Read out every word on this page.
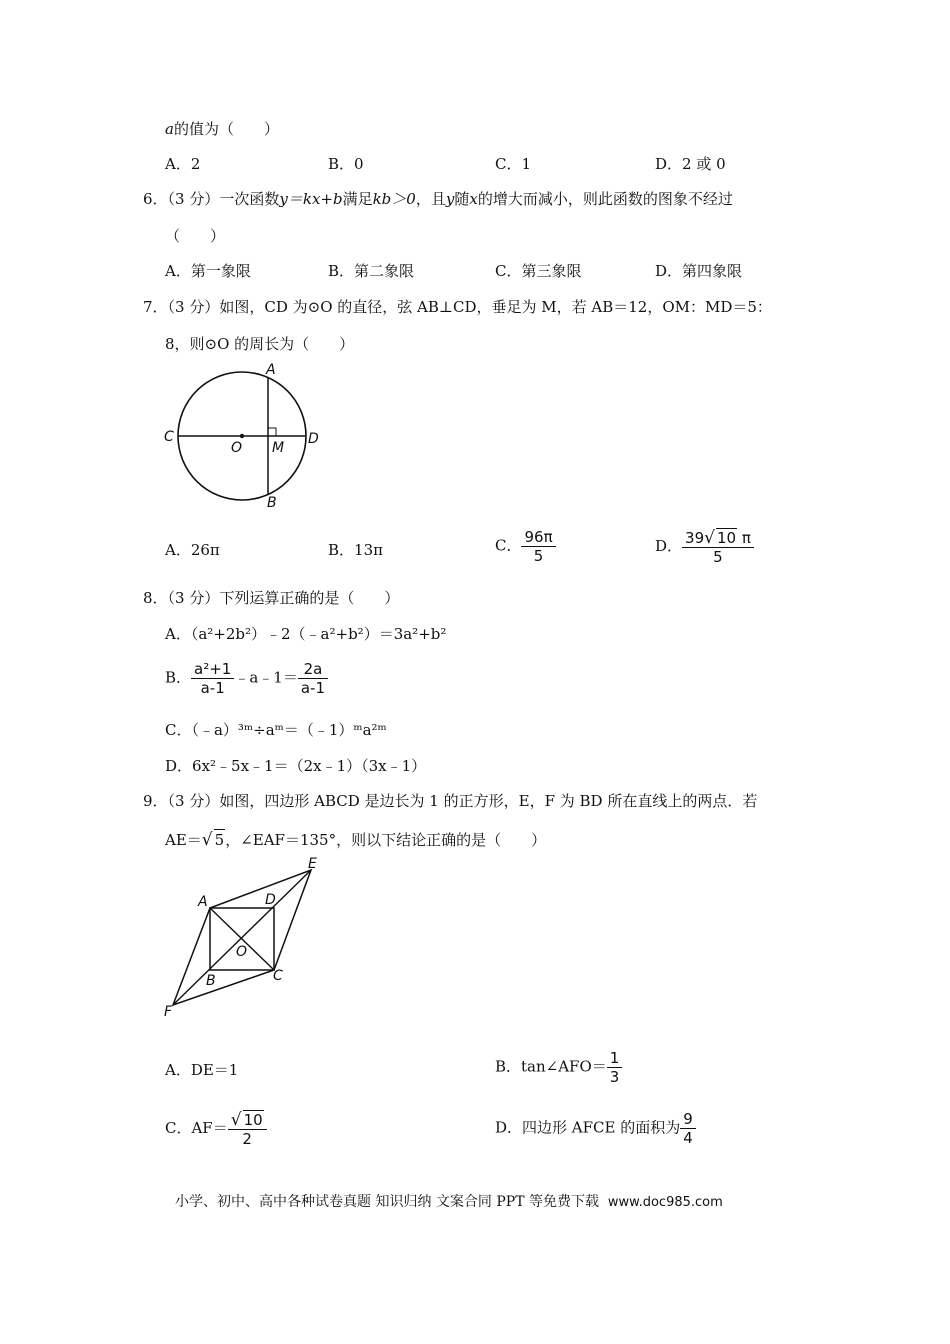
a的值为（　　）
A．2	B．0	C．1	D．2 或 0
6．（3 分）一次函数y＝kx+b满足kb＞0，且y随x的增大而减小，则此函数的图象不经过
（　　）
A．第一象限	B．第二象限	C．第三象限	D．第四象限
7．（3 分）如图，CD 为⊙O 的直径，弦 AB⊥CD，垂足为 M，若 AB＝12，OM：MD＝5：
8，则⊙O 的周长为（　　）
A
C
O M
D
B
A．26π	B．13π	C． $\frac{96\pi}{5}$	D． $\frac{39√ 10 \pi}{5}$
8．（3 分）下列运算正确的是（　　）
A．（a²+2b²）﹣2（﹣a²+b²）＝3a²+b²
B． $\frac{\text{a²+1}}{a-1}$ ﹣a﹣1＝ $\frac{2a}{a-1}$
C．（﹣a）³ᵐ÷aᵐ＝（﹣1）ᵐa²ᵐ
D．6x²﹣5x﹣1＝（2x﹣1）（3x﹣1）
9．（3 分）如图，四边形 ABCD 是边长为 1 的正方形，E，F 为 BD 所在直线上的两点．若
AE＝√ 5，∠EAF＝135°，则以下结论正确的是（　　）
E
A	D
O
B	C
F
A．DE＝1	B．tan∠AFO＝ $\frac{1}{3}$
C．$AF= \frac{√ 10}{2}$	D．四边形 AFCE 的面积为 $\frac{9}{4}$
小学、初中、高中各种试卷真题 知识归纳 文案合同 PPT 等免费下载 www.doc985.com
